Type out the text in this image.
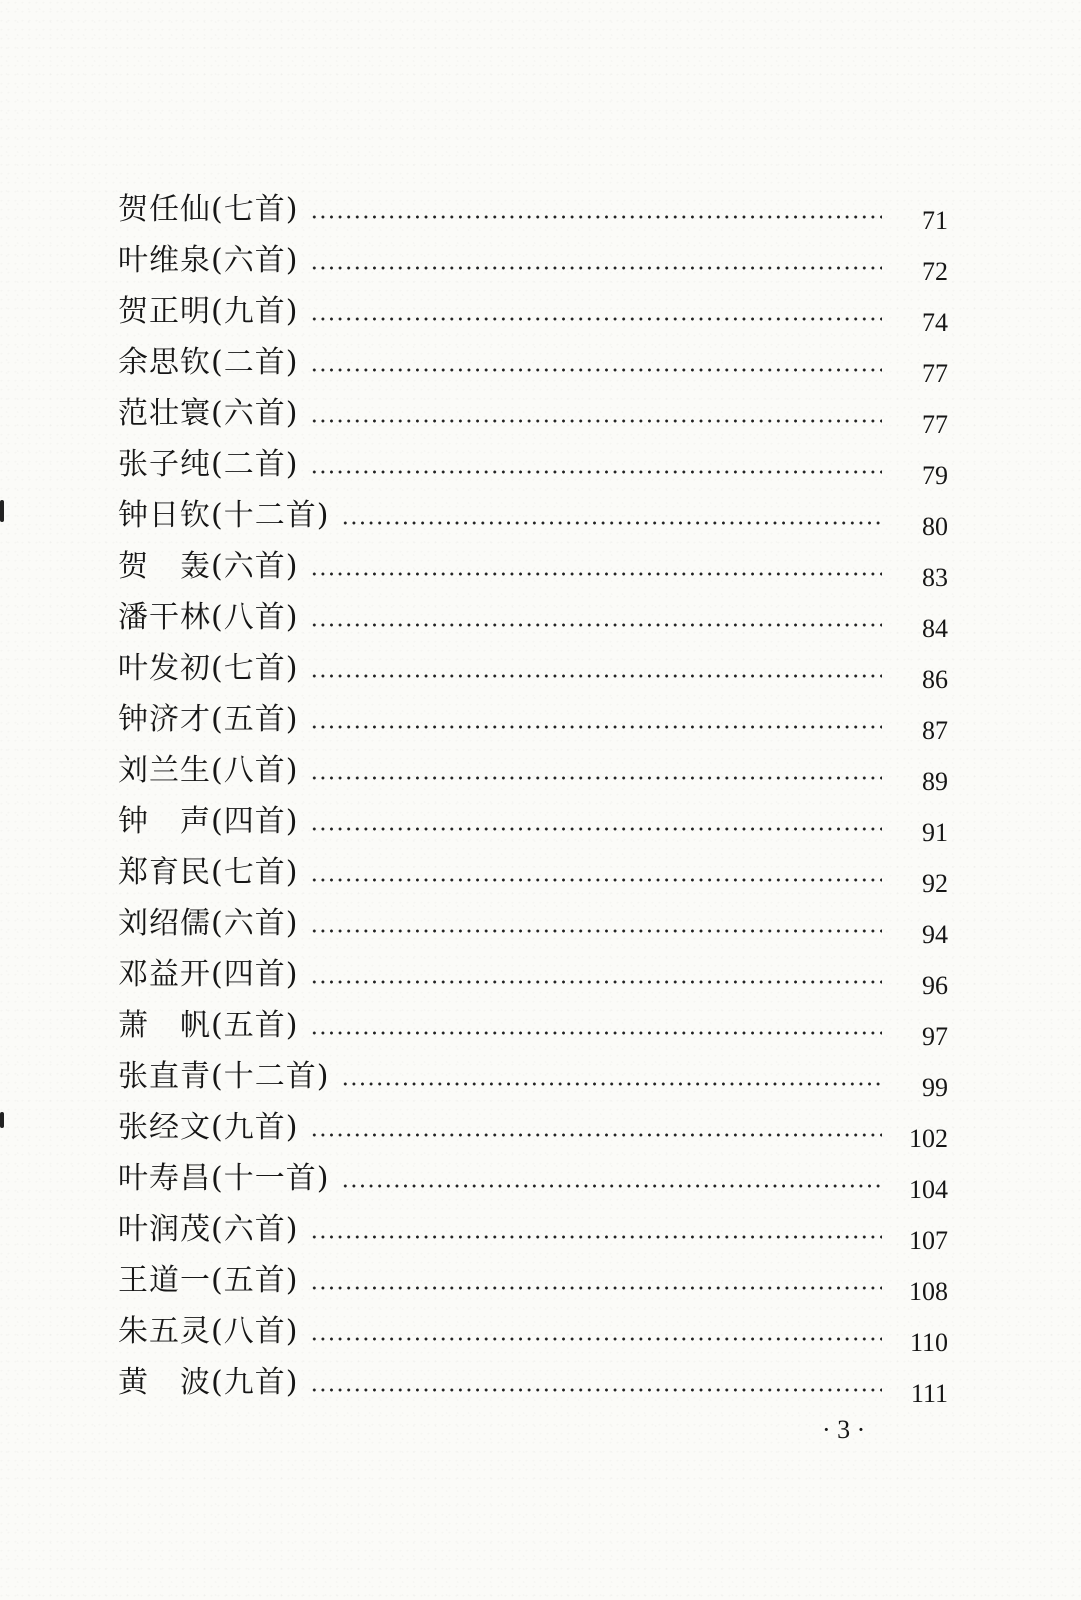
贺任仙(七首)	71
叶维泉(六首)	72
贺正明(九首)	74
余思钦(二首)	77
范壮寰(六首)	77
张子纯(二首)	79
钟日钦(十二首)	80
贺　轰(六首)	83
潘干林(八首)	84
叶发初(七首)	86
钟济才(五首)	87
刘兰生(八首)	89
钟　声(四首)	91
郑育民(七首)	92
刘绍儒(六首)	94
邓益开(四首)	96
萧　帆(五首)	97
张直青(十二首)	99
张经文(九首)	102
叶寿昌(十一首)	104
叶润茂(六首)	107
王道一(五首)	108
朱五灵(八首)	110
黄　波(九首)	111
· 3 ·
